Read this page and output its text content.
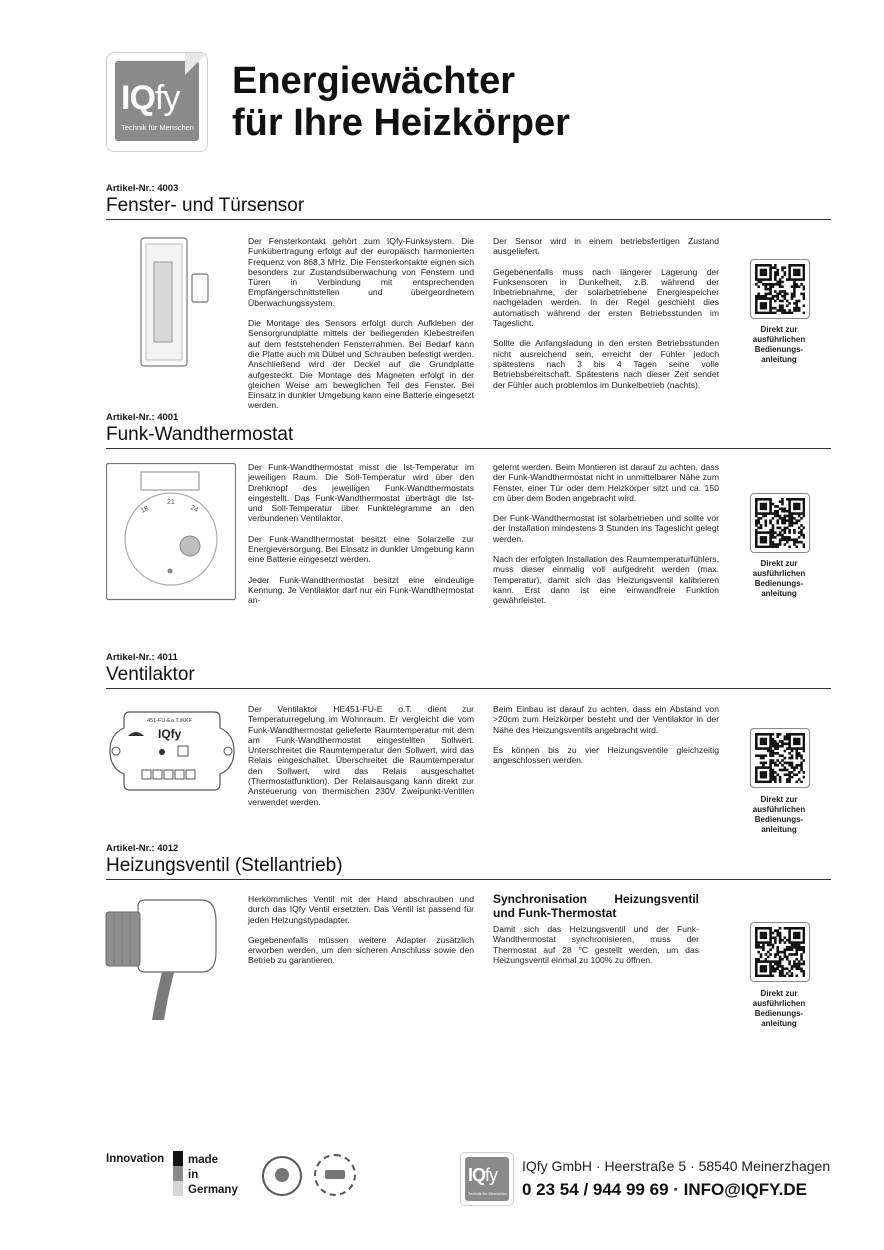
IQfy
Technik für Menschen
Energiewächter
für Ihre Heizkörper
Artikel-Nr.: 4003
Fenster- und Türsensor

Der Fensterkontakt gehört zum IQfy-Funksystem. Die Funkübertragung erfolgt auf der europäisch harmonierten Frequenz von 868,3 MHz. Die Fensterkontakte eignen sich besonders zur Zustandsüberwachung von Fenstern und Türen in Verbindung mit entsprechenden Empfängerschnittstellen und übergeordnetem Überwachungssystem.

Die Montage des Sensors erfolgt durch Aufkleben der Sensorgrundplatte mittels der beiliegenden Klebestreifen auf dem feststehenden Fensterrahmen. Bei Bedarf kann die Platte auch mit Dübel und Schrauben befestigt werden. Anschließend wird der Deckel auf die Grundplatte aufgesteckt. Die Montage des Magneten erfolgt in der gleichen Weise am beweglichen Teil des Fenster. Bei Einsatz in dunkler Umgebung kann eine Batterie eingesetzt werden.

Der Sensor wird in einem betriebsfertigen Zustand ausgeliefert.

Gegebenenfalls muss nach längerer Lagerung der Funksensoren in Dunkelheit, z.B. während der Inbetriebnahme, der solarbetriebene Energiespeicher nachgeladen werden. In der Regel geschieht dies automatisch während der ersten Betriebsstunden im Tageslicht.

Sollte die Anfangsladung in den ersten Betriebsstunden nicht ausreichend sein, erreicht der Fühler jedoch spätestens nach 3 bis 4 Tagen seine volle Betriebsbereitschaft. Spätestens nach dieser Zeit sendet der Fühler auch problemlos im Dunkelbetrieb (nachts).

Direkt zur
ausführlichen
Bedienungs-
anleitung
Artikel-Nr.: 4001
Funk-Wandthermostat
18
21
24

Der Funk-Wandthermostat misst die Ist-Temperatur im jeweiligen Raum. Die Soll-Temperatur wird über den Drehknopf des jeweiligen Funk-Wandthermostats eingestellt. Das Funk-Wandthermostat überträgt die Ist- und Soll-Temperatur über Funktelegramme an den verbundenen Ventilaktor.

Der Funk-Wandthermostat besitzt eine Solarzelle zur Energieversorgung. Bei Einsatz in dunkler Umgebung kann eine Batterie eingesetzt werden.

Jeder Funk-Wandthermostat besitzt eine eindeutige Kennung. Je Ventilaktor darf nur ein Funk-Wandthermostat an-

gelernt werden. Beim Montieren ist darauf zu achten, dass der Funk-Wandthermostat nicht in unmittelbarer Nähe zum Fenster, einer Tür oder dem Heizkörper sitzt und ca. 150 cm über dem Boden angebracht wird.

Der Funk-Wandthermostat ist solarbetrieben und sollte vor der Installation mindestens 3 Stunden ins Tageslicht gelegt werden.

Nach der erfolgten Installation des Raumtemperaturfühlers, muss dieser einmalig voll aufgedreht werden (max. Temperatur), damit sich das Heizungsventil kalibrieren kann. Erst dann ist eine einwandfreie Funktion gewährleistet.

Direkt zur
ausführlichen
Bedienungs-
anleitung
Artikel-Nr.: 4011
Ventilaktor
451-FU-Ea.T./KKF
IQfy

Der Ventilaktor HE451-FU-E o.T. dient zur Temperaturregelung im Wohnraum. Er vergleicht die vom Funk-Wandthermostat gelieferte Raumtemperatur mit dem am Funk-Wandthermostat eingestellten Sollwert. Unterschreitet die Raumtemperatur den Sollwert, wird das Relais eingeschaltet. Überschreitet die Raumtemperatur den Sollwert, wird das Relais ausgeschaltet (Thermostatfunktion). Der Relaisausgang kann direkt zur Ansteuerung von thermischen 230V Zweipunkt-Ventilen verwendet werden.

Beim Einbau ist darauf zu achten, dass ein Abstand von >20cm zum Heizkörper besteht und der Ventilaktor in der Nähe des Heizungsventils angebracht wird.

Es können bis zu vier Heizungsventile gleichzeitig angeschlossen werden.

Direkt zur
ausführlichen
Bedienungs-
anleitung
Artikel-Nr.: 4012
Heizungsventil (Stellantrieb)

Herkömmliches Ventil mit der Hand abschrauben und durch das IQfy Ventil ersetzten. Das Ventil ist passend für jeden Heizungstypadapter.

Gegebenenfalls müssen weitere Adapter zusätzlich erworben werden, um den sicheren Anschluss sowie den Betrieb zu garantieren.

Synchronisation Heizungsventil und Funk-Thermostat

Damit sich das Heizungsventil und der Funk-Wandthermostat synchronisieren, muss der Thermostat auf 28 °C gestellt werden, um das Heizungsventil einmal zu 100% zu öffnen.

Direkt zur
ausführlichen
Bedienungs-
anleitung
Innovation made
in
Germany
IQfy
Technik für Menschen
IQfy GmbH · Heerstraße 5 · 58540 Meinerzhagen
0 23 54 / 944 99 69 · INFO@IQFY.DE
